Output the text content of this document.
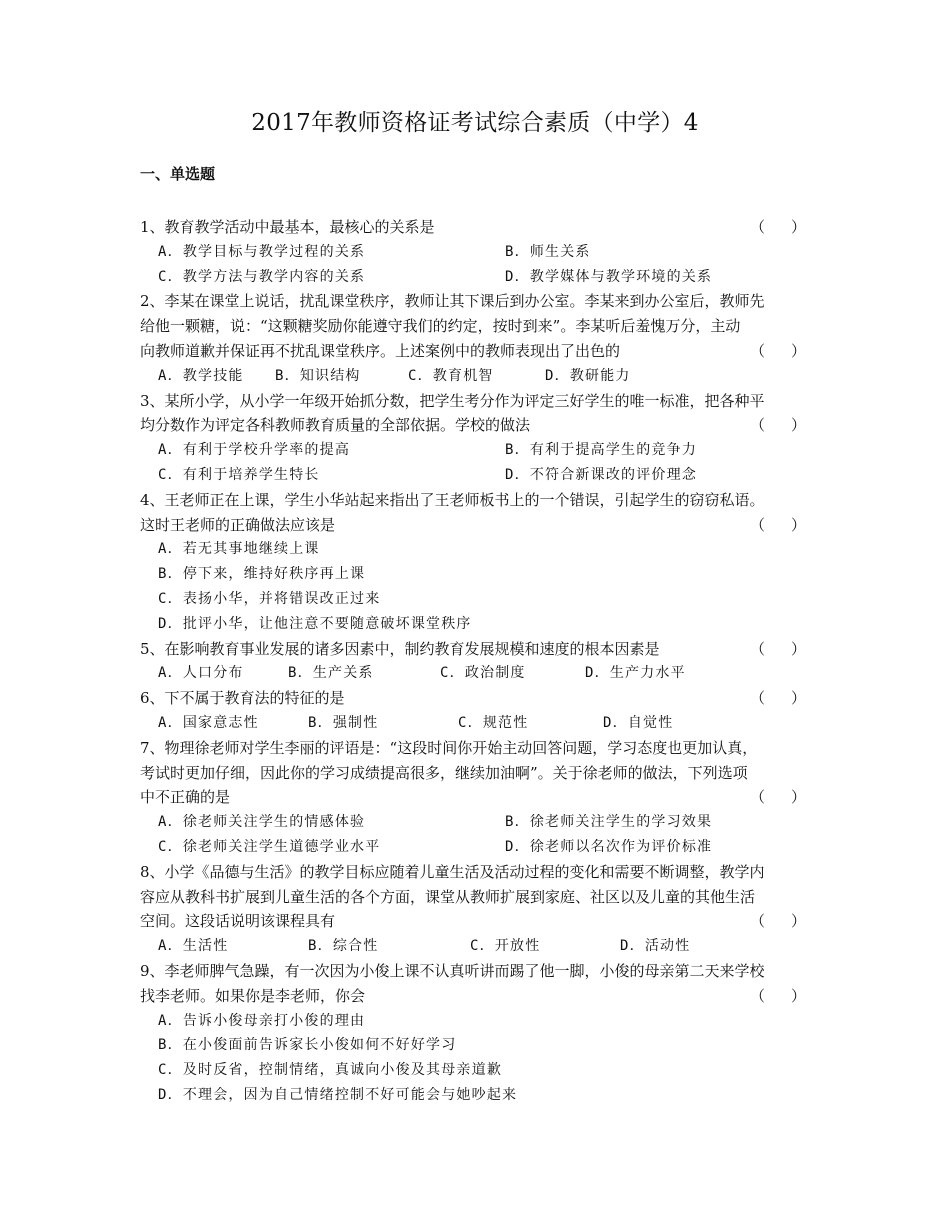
2017年教师资格证考试综合素质（中学）4
一、单选题
1、教育教学活动中最基本，最核心的关系是	（ ）
A．教学目标与教学过程的关系	B．师生关系
C．教学方法与教学内容的关系	D．教学媒体与教学环境的关系
2、李某在课堂上说话，扰乱课堂秩序，教师让其下课后到办公室。李某来到办公室后，教师先
给他一颗糖，说：“这颗糖奖励你能遵守我们的约定，按时到来”。李某听后羞愧万分，主动
向教师道歉并保证再不扰乱课堂秩序。上述案例中的教师表现出了出色的	（ ）
A．教学技能 B．知识结构	C．教育机智	D．教研能力
3、某所小学，从小学一年级开始抓分数，把学生考分作为评定三好学生的唯一标准，把各种平
均分数作为评定各科教师教育质量的全部依据。学校的做法	（ ）
A．有利于学校升学率的提高	B．有利于提高学生的竞争力
C．有利于培养学生特长	D．不符合新课改的评价理念
4、王老师正在上课，学生小华站起来指出了王老师板书上的一个错误，引起学生的窃窃私语。
这时王老师的正确做法应该是	（ ）
A．若无其事地继续上课
B．停下来，维持好秩序再上课
C．表扬小华，并将错误改正过来
D．批评小华，让他注意不要随意破坏课堂秩序
5、在影响教育事业发展的诸多因素中，制约教育发展规模和速度的根本因素是	（ ）
A．人口分布	B．生产关系	C．政治制度	D．生产力水平
6、下不属于教育法的特征的是	（ ）
A．国家意志性	B．强制性	C．规范性	D．自觉性
7、物理徐老师对学生李丽的评语是：“这段时间你开始主动回答问题，学习态度也更加认真，
考试时更加仔细，因此你的学习成绩提高很多，继续加油啊”。关于徐老师的做法，下列选项
中不正确的是	（ ）
A．徐老师关注学生的情感体验	B．徐老师关注学生的学习效果
C．徐老师关注学生道德学业水平	D．徐老师以名次作为评价标准
8、小学《品德与生活》的教学目标应随着儿童生活及活动过程的变化和需要不断调整，教学内
容应从教科书扩展到儿童生活的各个方面，课堂从教师扩展到家庭、社区以及儿童的其他生活
空间。这段话说明该课程具有	（ ）
A．生活性	B．综合性	C．开放性	D．活动性
9、李老师脾气急躁，有一次因为小俊上课不认真听讲而踢了他一脚，小俊的母亲第二天来学校
找李老师。如果你是李老师，你会	（ ）
A．告诉小俊母亲打小俊的理由
B．在小俊面前告诉家长小俊如何不好好学习
C．及时反省，控制情绪，真诚向小俊及其母亲道歉
D．不理会，因为自己情绪控制不好可能会与她吵起来
